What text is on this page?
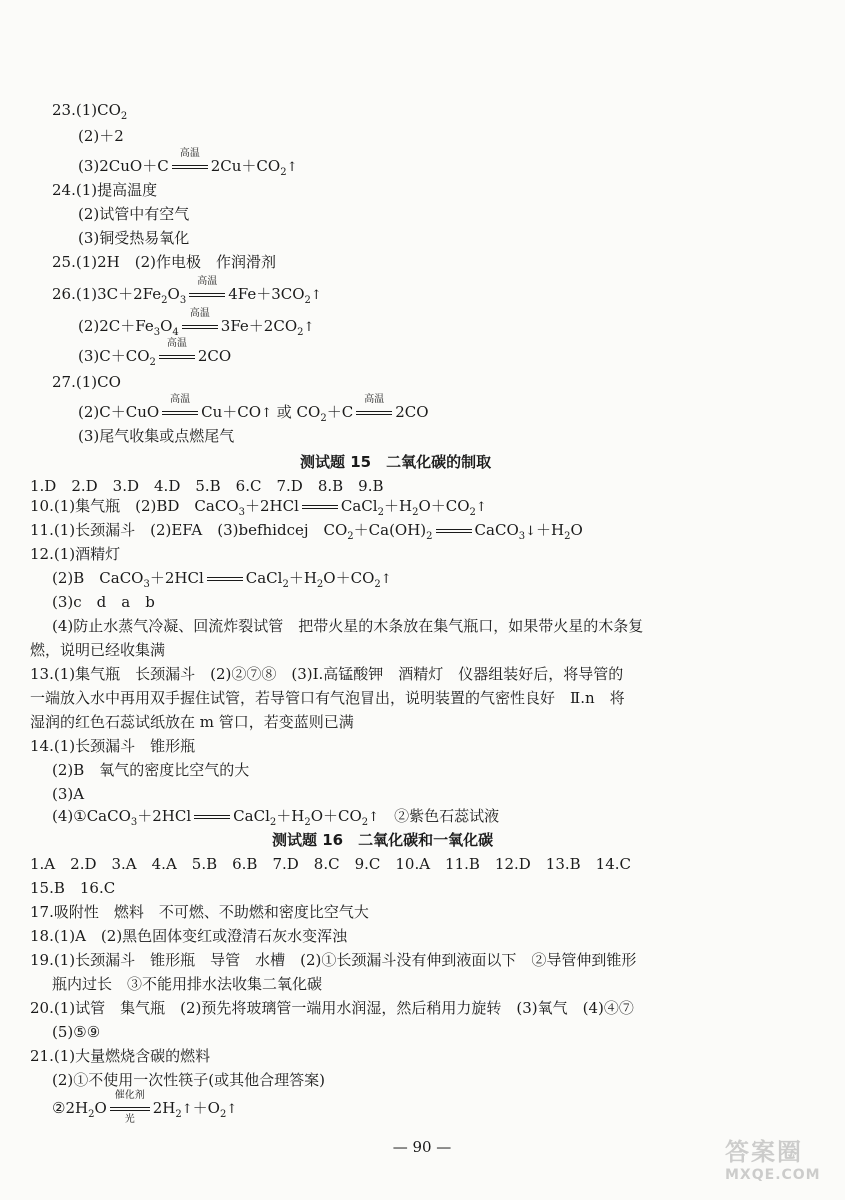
$23.(1)CO_2$
(2)＋2
(3)2CuO＋C
高温
$2Cu+CO_2↑$
24.(1)提高温度
(2)试管中有空气
(3)铜受热易氧化
25.(1)2H　(2)作电极　作润滑剂
$26.(1)3C+2Fe_2O_3$
高温
$4Fe+3CO_2↑$
$(2)2C+Fe_3O_4$
高温
$3Fe+2CO_2↑$
$(3)C+CO_2$
高温
2CO
27.(1)CO
(2)C＋CuO
高温
Cu＋CO↑ 或 $CO_2+C$
高温
2CO
(3)尾气收集或点燃尾气
测试题 15　二氧化碳的制取
1.D　2.D　3.D　4.D　5.B　6.C　7.D　8.B　9.B
10.(1)集气瓶　(2)BD　CaCO$_3$＋2HCl	$CaCl_2+H_2O+CO_2↑$
11.(1)长颈漏斗　(2)EFA　(3)befhidcej　$CO_2+Ca(OH)_2$	$CaCO_3↓+H_2O$
12.(1)酒精灯
(2)B　CaCO$_3$＋2HCl	$CaCl_2+H_2O+CO_2↑$
(3)c　d　a　b
(4)防止水蒸气冷凝、回流炸裂试管　把带火星的木条放在集气瓶口，如果带火星的木条复
燃，说明已经收集满
13.(1)集气瓶　长颈漏斗　(2)②⑦⑧　(3)Ⅰ.高锰酸钾　酒精灯　仪器组装好后，将导管的
一端放入水中再用双手握住试管，若导管口有气泡冒出，说明装置的气密性良好　Ⅱ.n　将
湿润的红色石蕊试纸放在 m 管口，若变蓝则已满
14.(1)长颈漏斗　锥形瓶
(2)B　氧气的密度比空气的大
(3)A
(4)①CaCO$_3$＋2HCl	$CaCl_2+H_2O+CO_2↑$　 ②紫色石蕊试液
测试题 16　二氧化碳和一氧化碳
1.A　2.D　3.A　4.A　5.B　6.B　7.D　8.C　9.C　10.A　11.B　12.D　13.B　14.C
15.B　16.C
17.吸附性　燃料　不可燃、不助燃和密度比空气大
18.(1)A　(2)黑色固体变红或澄清石灰水变浑浊
19.(1)长颈漏斗　锥形瓶　导管　水槽　(2)①长颈漏斗没有伸到液面以下　②导管伸到锥形
瓶内过长　③不能用排水法收集二氧化碳
20.(1)试管　集气瓶　(2)预先将玻璃管一端用水润湿，然后稍用力旋转　(3)氧气　(4)④⑦
(5)⑤⑨
21.(1)大量燃烧含碳的燃料
(2)①不使用一次性筷子(或其他合理答案)
$②2H_2O$
催化剂
光
$2H_2↑+O_2↑$
— 90 —	答案圈
MXQE.COM
